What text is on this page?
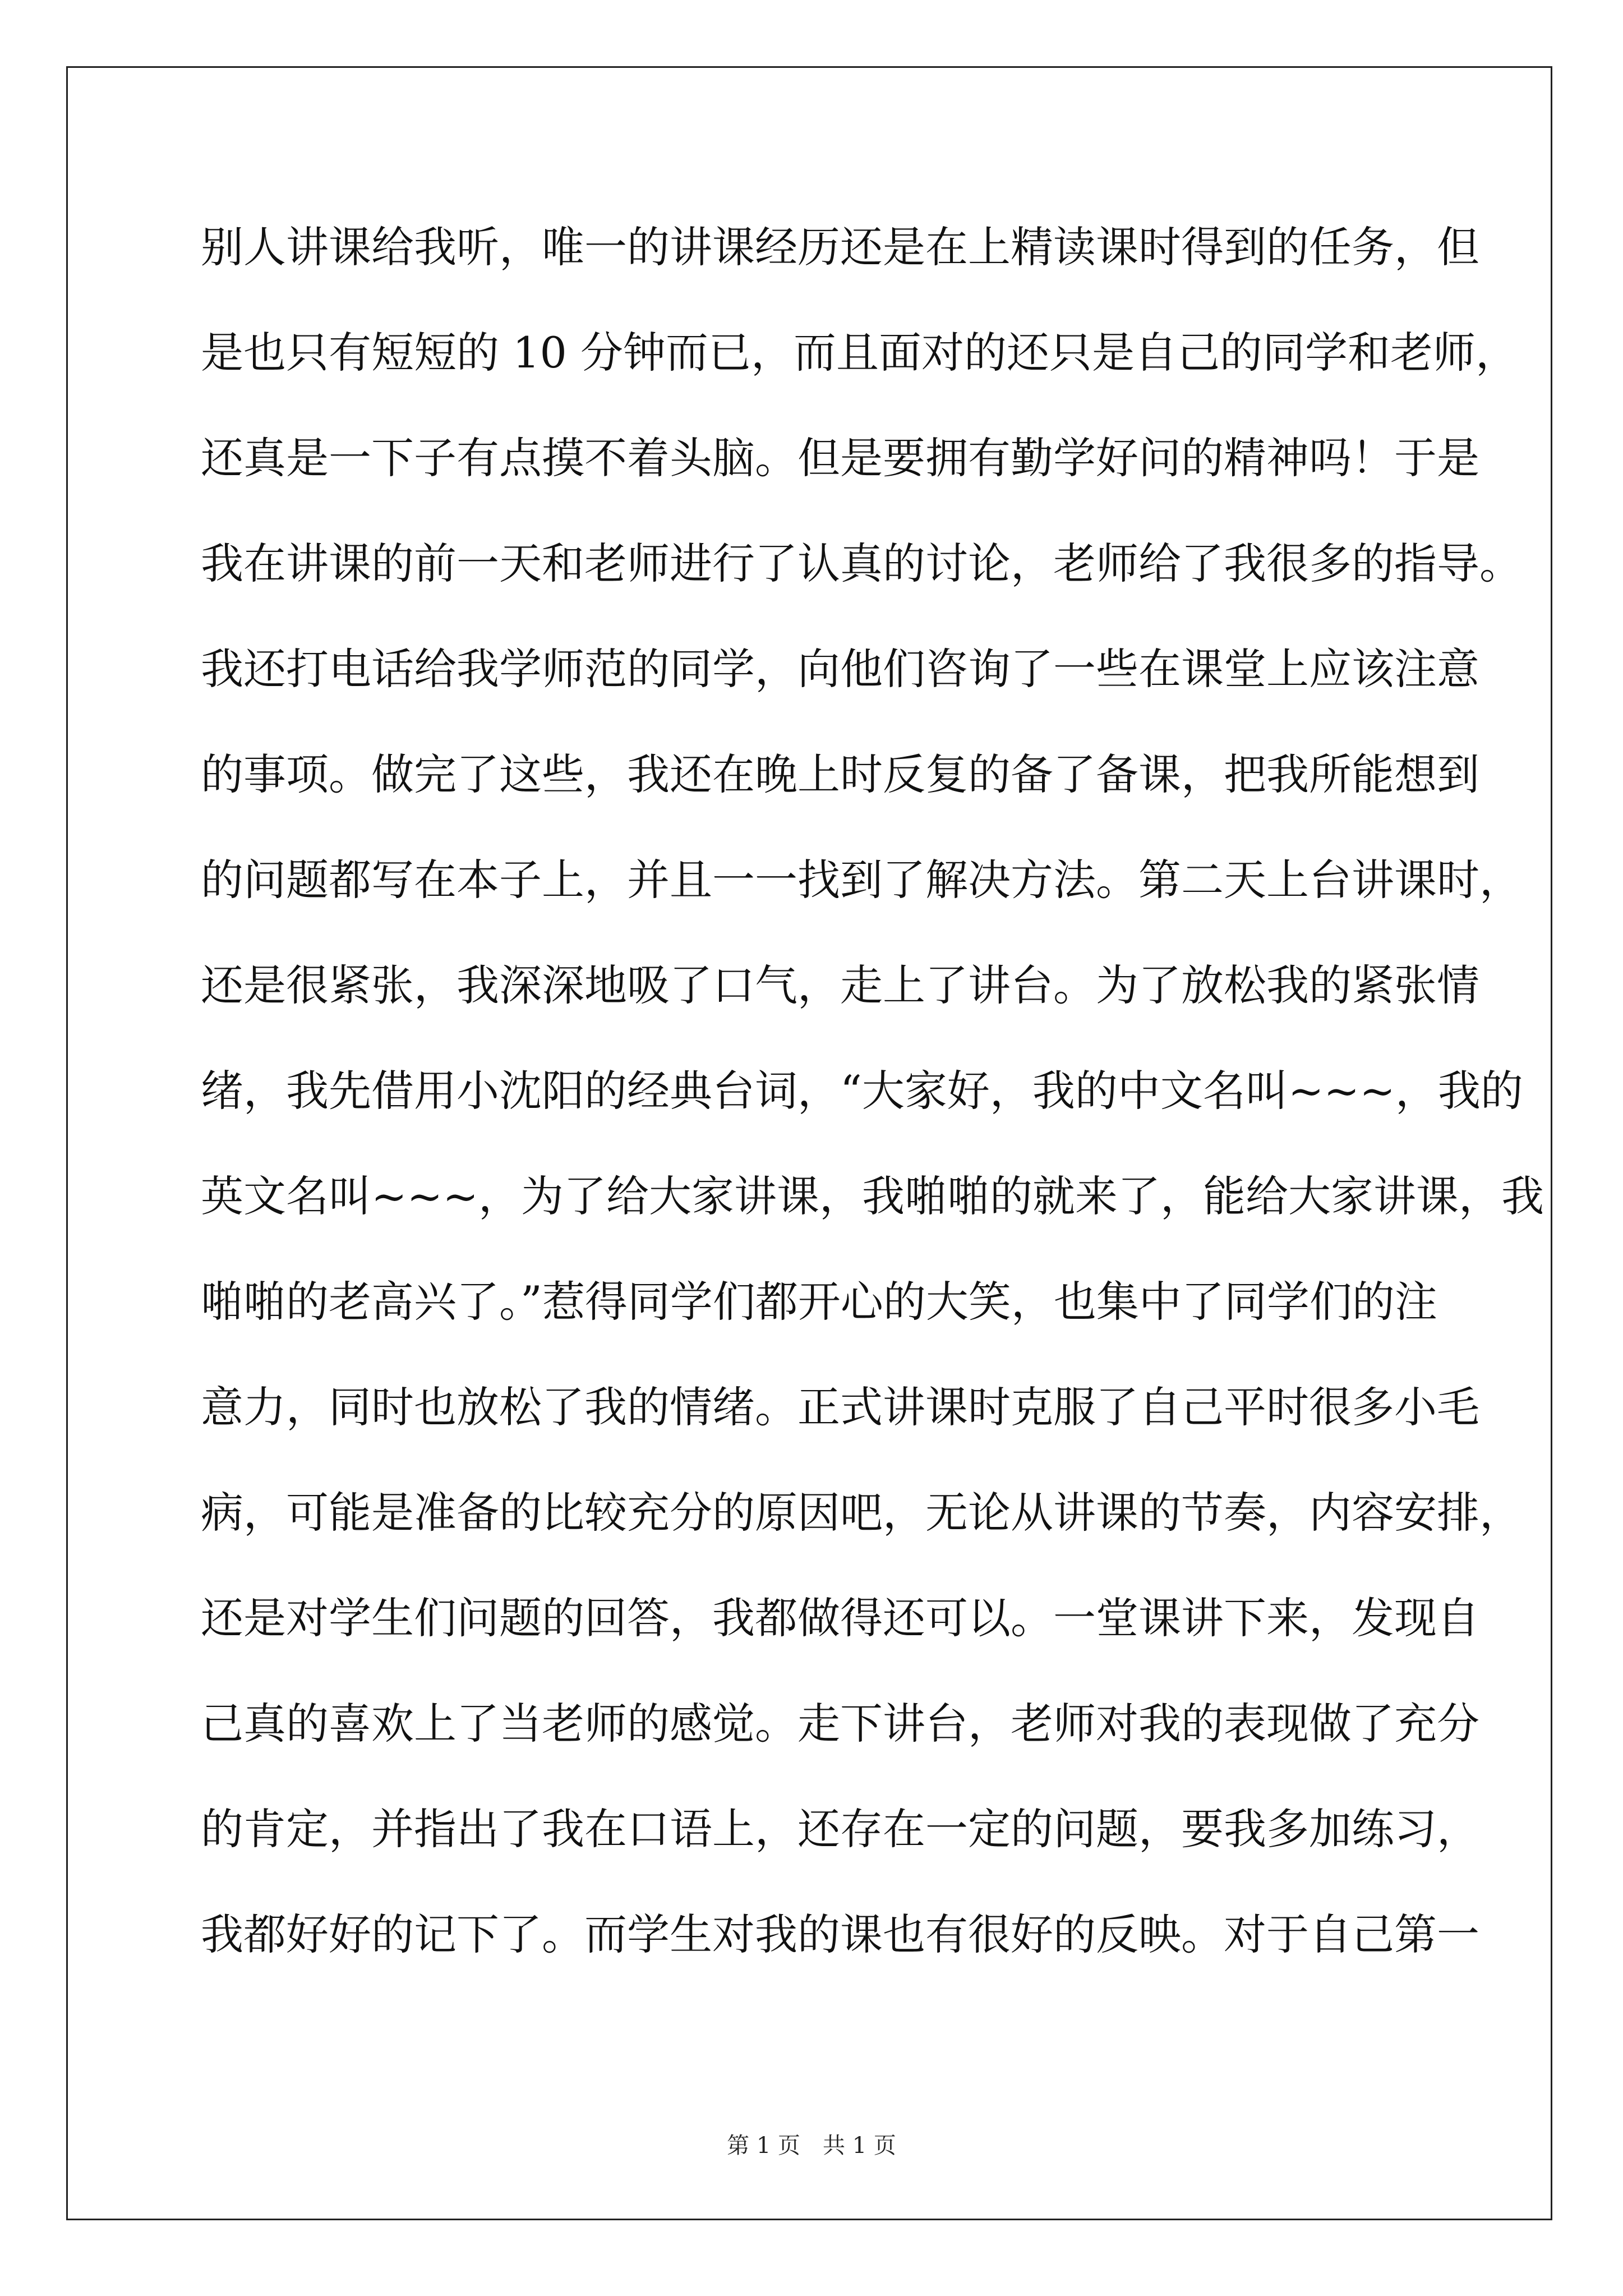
别人讲课给我听，唯一的讲课经历还是在上精读课时得到的任务，但
是也只有短短的 10 分钟而已，而且面对的还只是自己的同学和老师，
还真是一下子有点摸不着头脑。但是要拥有勤学好问的精神吗！于是
我在讲课的前一天和老师进行了认真的讨论，老师给了我很多的指导。
我还打电话给我学师范的同学，向他们咨询了一些在课堂上应该注意
的事项。做完了这些，我还在晚上时反复的备了备课，把我所能想到
的问题都写在本子上，并且一一找到了解决方法。第二天上台讲课时，
还是很紧张，我深深地吸了口气，走上了讲台。为了放松我的紧张情
绪，我先借用小沈阳的经典台词，“大家好，我的中文名叫~~~，我的
英文名叫~~~，为了给大家讲课，我啪啪的就来了，能给大家讲课，我
啪啪的老高兴了。”惹得同学们都开心的大笑，也集中了同学们的注
意力，同时也放松了我的情绪。正式讲课时克服了自己平时很多小毛
病，可能是准备的比较充分的原因吧，无论从讲课的节奏，内容安排，
还是对学生们问题的回答，我都做得还可以。一堂课讲下来，发现自
己真的喜欢上了当老师的感觉。走下讲台，老师对我的表现做了充分
的肯定，并指出了我在口语上，还存在一定的问题，要我多加练习，
我都好好的记下了。而学生对我的课也有很好的反映。对于自己第一
第 1 页 共 1 页
